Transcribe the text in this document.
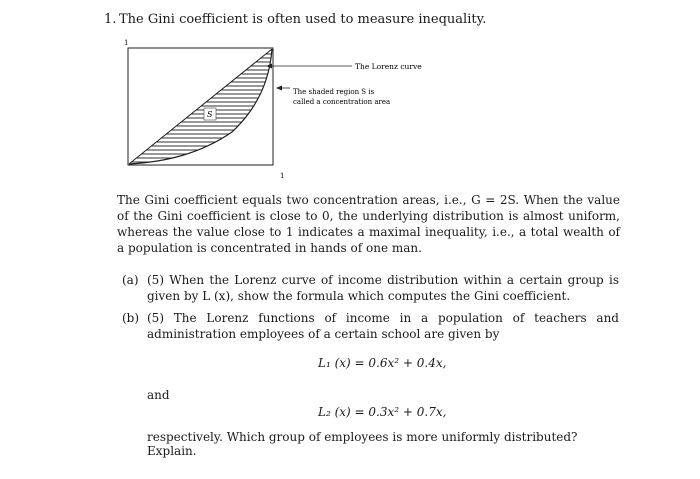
1. The Gini coefficient is often used to measure inequality.
1
S
1
The Lorenz curve
The shaded region S is
called a concentration area
The Gini coefficient equals two concentration areas, i.e., G = 2S. When the value of the Gini coefficient is close to 0, the underlying distribution is almost uniform, whereas the value close to 1 indicates a maximal inequality, i.e., a total wealth of a population is concentrated in hands of one man.
(a) (5) When the Lorenz curve of income distribution within a certain group is given by L (x), show the formula which computes the Gini coefficient.
(b) (5) The Lorenz functions of income in a population of teachers and administration employees of a certain school are given by
L₁ (x) = 0.6x² + 0.4x,
and
L₂ (x) = 0.3x² + 0.7x,
respectively. Which group of employees is more uniformly distributed? Explain.
